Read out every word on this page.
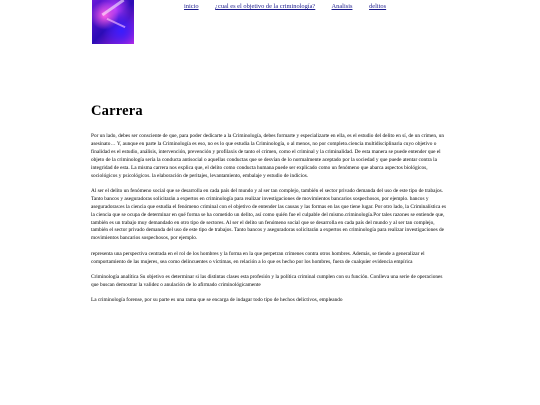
inicio	¿cual es el objetivo de la criminología?	Analisis	delitos
Carrera

Por un lado, debes ser consciente de que, para poder dedicarte a la Criminología, debes formarte y especializarte en ella, es el estudio del delito en sí, de un crimen, un asesinato… Y, aunque en parte la Criminología es eso, no es lo que estudia la Criminología, o al menos, no por completo.ciencia multidisciplinaria cuyo objetivo o finalidad es el estudio, análisis, intervención, prevención y profilaxis de tanto el crimen, como el criminal y la criminalidad. De esta manera se puede entender que el objeto de la criminología sería la conducta antisocial o aquellas conductas que se desvían de lo normalmente aceptado por la sociedad y que puede atentar contra la integridad de esta. La misma carrera nos explica que, el delito como conducta humana puede ser explicado como un fenómeno que abarca aspectos biológicos, sociológicos y psicológicos. la elaboración de peritajes, levantamiento, embalaje y estudio de indicios.

Al ser el delito un fenómeno social que se desarrolla en cada país del mundo y al ser tan complejo, también el sector privado demanda del uso de este tipo de trabajos. Tanto bancos y aseguradoras solicitarán a expertos en criminología para realizar investigaciones de movimientos bancarios sospechosos, por ejemplo. bancos y aseguradoras:es la ciencia que estudia el fenómeno criminal con el objetivo de entender las causas y las formas en las que tiene lugar. Por otro lado, la Criminalística es la ciencia que se ocupa de determinar en qué forma se ha cometido un delito, así como quién fue el culpable del mismo.criminología.Por tales razones se entiende que, también es un trabajo muy demandado en otro tipo de sectores. Al ser el delito un fenómeno social que se desarrolla en cada país del mundo y al ser tan complejo, también el sector privado demanda del uso de este tipo de trabajos. Tanto bancos y aseguradoras solicitarán a expertos en criminología para realizar investigaciones de movimientos bancarios sospechosos, por ejemplo.

representa una perspectiva centrada en el rol de los hombres y la forma en la que perpetran crímenes contra otros hombres. Además, se tiende a generalizar el comportamiento de las mujeres, sea como delincuentes o víctimas, en relación a lo que es hecho por los hombres, fuera de cualquier evidencia empírica

Criminología analítica Su objetivo es determinar si las distintas clases esta profesión y la política criminal cumplen con su función. Conlleva una serie de operaciones que buscan demostrar la validez o anulación de lo afirmado criminológicamente

La criminología forense, por su parte es una rama que se encarga de indagar todo tipo de hechos delictivos, empleando
